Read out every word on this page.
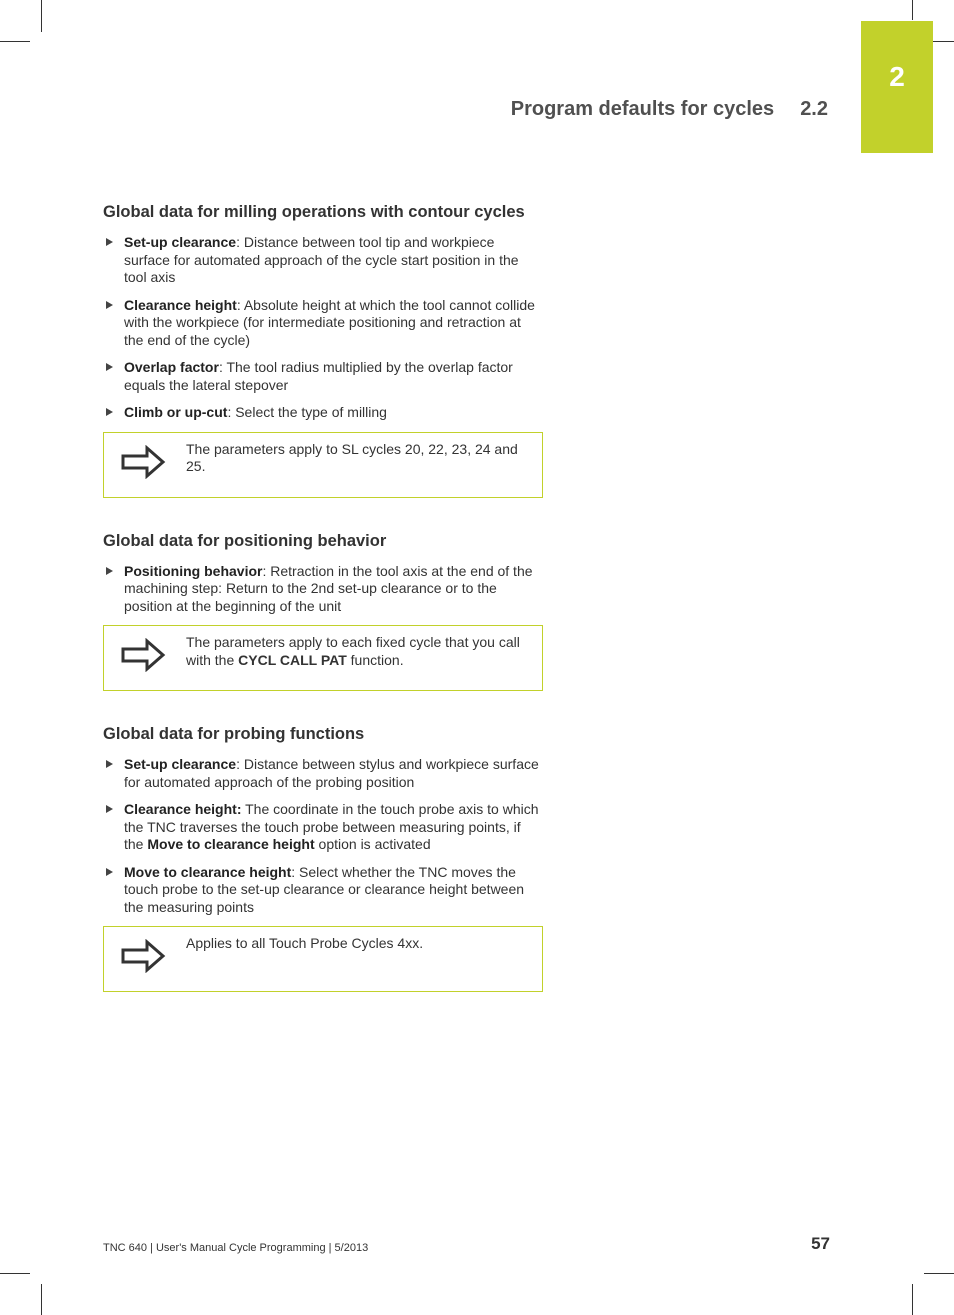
2
Program defaults for cycles 2.2
Global data for milling operations with contour cycles
Set-up clearance: Distance between tool tip and workpiece surface for automated approach of the cycle start position in the tool axis
Clearance height: Absolute height at which the tool cannot collide with the workpiece (for intermediate positioning and retraction at the end of the cycle)
Overlap factor: The tool radius multiplied by the overlap factor equals the lateral stepover
Climb or up-cut: Select the type of milling
The parameters apply to SL cycles 20, 22, 23, 24 and 25.
Global data for positioning behavior
Positioning behavior: Retraction in the tool axis at the end of the machining step: Return to the 2nd set-up clearance or to the position at the beginning of the unit
The parameters apply to each fixed cycle that you call with the CYCL CALL PAT function.
Global data for probing functions
Set-up clearance: Distance between stylus and workpiece surface for automated approach of the probing position
Clearance height: The coordinate in the touch probe axis to which the TNC traverses the touch probe between measuring points, if the Move to clearance height option is activated
Move to clearance height: Select whether the TNC moves the touch probe to the set-up clearance or clearance height between the measuring points
Applies to all Touch Probe Cycles 4xx.
TNC 640 | User's Manual Cycle Programming | 5/2013	57
